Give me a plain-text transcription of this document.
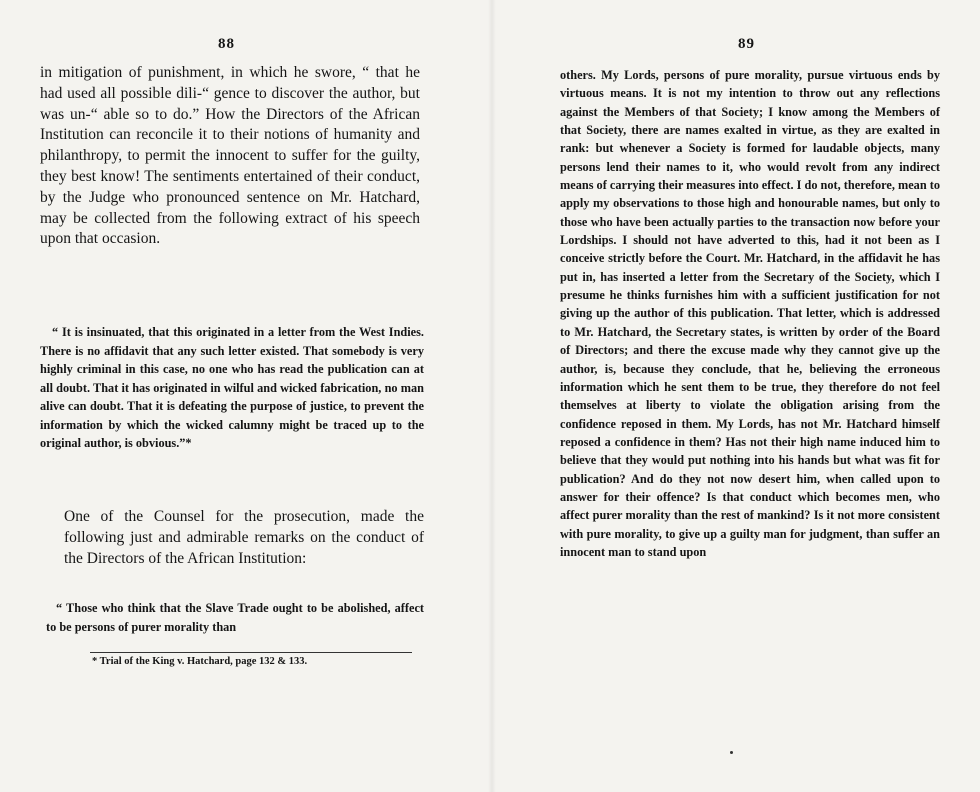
88

in mitigation of punishment, in which he swore, “ that he had used all possible dili-“ gence to discover the author, but was un-“ able so to do.” How the Directors of the African Institution can reconcile it to their notions of humanity and philanthropy, to permit the innocent to suffer for the guilty, they best know! The sentiments entertained of their conduct, by the Judge who pronounced sentence on Mr. Hatchard, may be collected from the following extract of his speech upon that occasion.

“ It is insinuated, that this originated in a letter from the West Indies. There is no affidavit that any such letter existed. That somebody is very highly criminal in this case, no one who has read the publication can at all doubt. That it has originated in wilful and wicked fabrication, no man alive can doubt. That it is defeating the purpose of justice, to prevent the information by which the wicked calumny might be traced up to the original author, is obvious.”*

One of the Counsel for the prosecution, made the following just and admirable remarks on the conduct of the Directors of the African Institution:

“ Those who think that the Slave Trade ought to be abolished, affect to be persons of purer morality than

* Trial of the King v. Hatchard, page 132 & 133.
89

others. My Lords, persons of pure morality, pursue virtuous ends by virtuous means. It is not my intention to throw out any reflections against the Members of that Society; I know among the Members of that Society, there are names exalted in virtue, as they are exalted in rank: but whenever a Society is formed for laudable objects, many persons lend their names to it, who would revolt from any indirect means of carrying their measures into effect. I do not, therefore, mean to apply my observations to those high and honourable names, but only to those who have been actually parties to the transaction now before your Lordships. I should not have adverted to this, had it not been as I conceive strictly before the Court. Mr. Hatchard, in the affidavit he has put in, has inserted a letter from the Secretary of the Society, which I presume he thinks furnishes him with a sufficient justification for not giving up the author of this publication. That letter, which is addressed to Mr. Hatchard, the Secretary states, is written by order of the Board of Directors; and there the excuse made why they cannot give up the author, is, because they conclude, that he, believing the erroneous information which he sent them to be true, they therefore do not feel themselves at liberty to violate the obligation arising from the confidence reposed in them. My Lords, has not Mr. Hatchard himself reposed a confidence in them? Has not their high name induced him to believe that they would put nothing into his hands but what was fit for publication? And do they not now desert him, when called upon to answer for their offence? Is that conduct which becomes men, who affect purer morality than the rest of mankind? Is it not more consistent with pure morality, to give up a guilty man for judgment, than suffer an innocent man to stand upon
